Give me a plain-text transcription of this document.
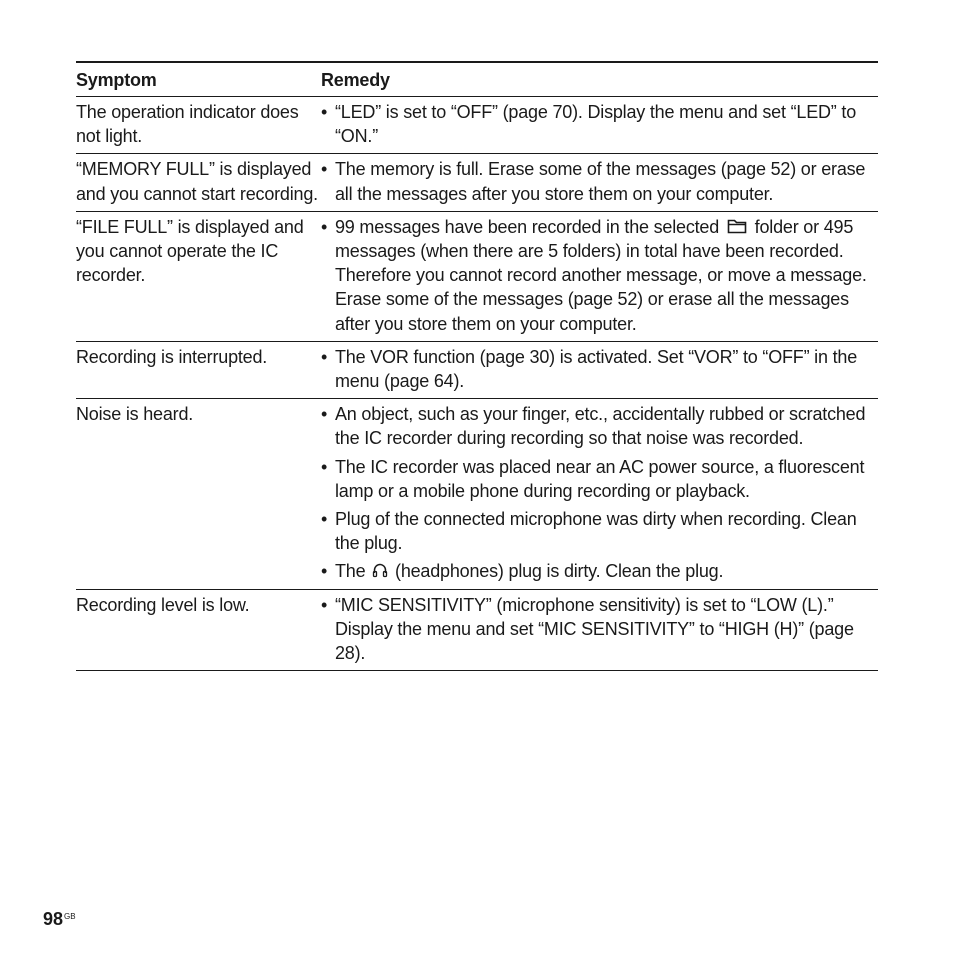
Symptom	Remedy
The operation indicator does not light.
• “LED” is set to “OFF” (page 70). Display the menu and set “LED” to “ON.”
“MEMORY FULL” is displayed and you cannot start recording.
• The memory is full. Erase some of the messages (page 52) or erase all the messages after you store them on your computer.
“FILE FULL” is displayed and you cannot operate the IC recorder.
• 99 messages have been recorded in the selected  folder or 495 messages (when there are 5 folders) in total have been recorded. Therefore you cannot record another message, or move a message. Erase some of the messages (page 52) or erase all the messages after you store them on your computer.
Recording is interrupted.	• The VOR function (page 30) is activated. Set “VOR” to “OFF” in the menu (page 64).
Noise is heard.	• An object, such as your finger, etc., accidentally rubbed or scratched the IC recorder during recording so that noise was recorded.
• The IC recorder was placed near an AC power source, a fluorescent lamp or a mobile phone during recording or playback.
• Plug of the connected microphone was dirty when recording. Clean the plug.
• The  (headphones) plug is dirty. Clean the plug.
Recording level is low.	• “MIC SENSITIVITY” (microphone sensitivity) is set to “LOW (L).” Display the menu and set “MIC SENSITIVITY” to “HIGH (H)” (page 28).
$98^{GB}$
